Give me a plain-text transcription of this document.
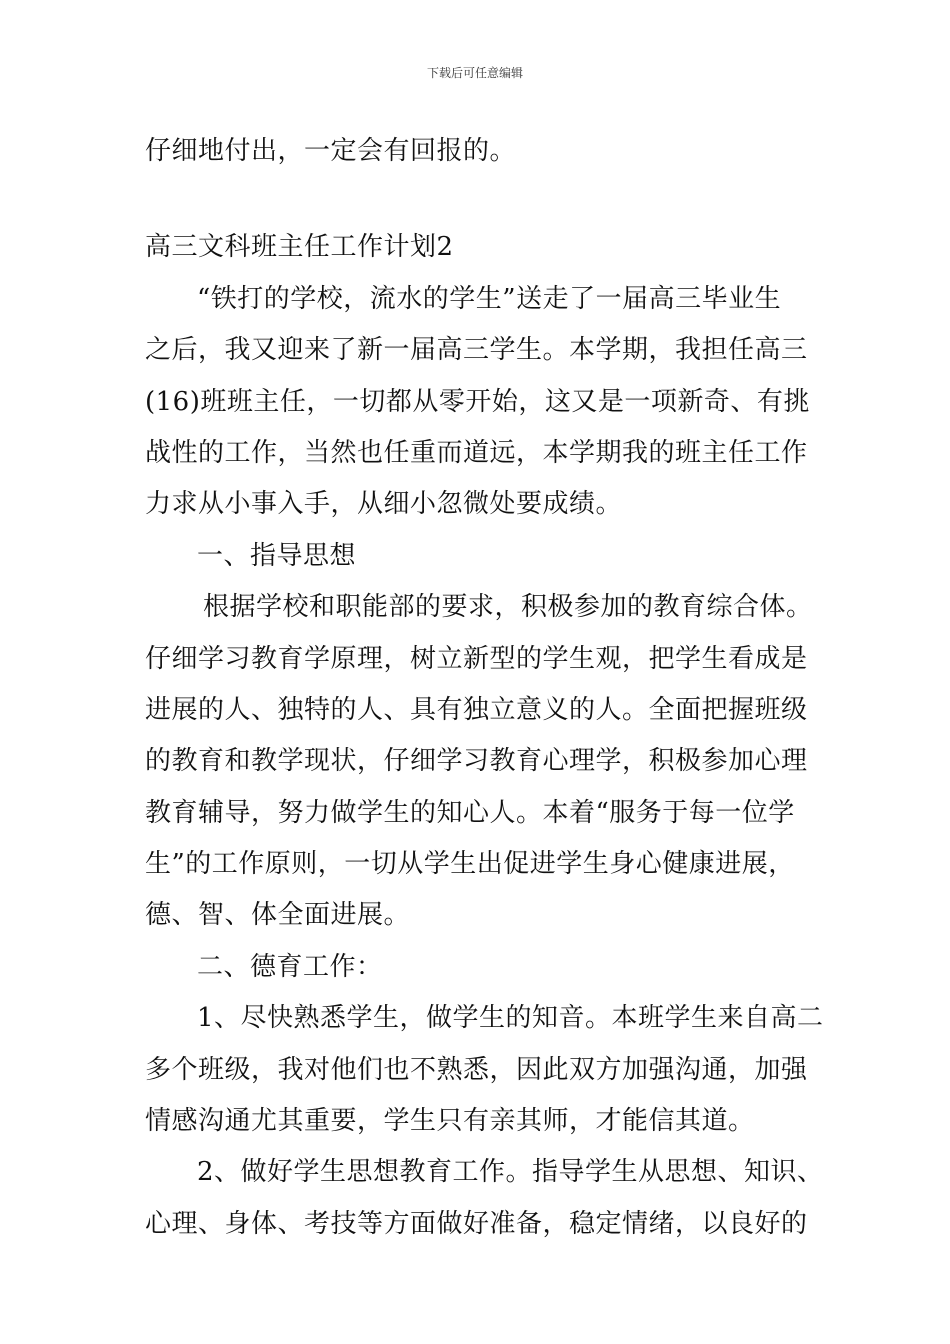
下载后可任意编辑
仔细地付出，一定会有回报的。
高三文科班主任工作计划2
“铁打的学校，流水的学生”送走了一届高三毕业生
之后，我又迎来了新一届高三学生。本学期，我担任高三
(16)班班主任，一切都从零开始，这又是一项新奇、有挑
战性的工作，当然也任重而道远，本学期我的班主任工作
力求从小事入手，从细小忽微处要成绩。
一、指导思想
根据学校和职能部的要求，积极参加的教育综合体。
仔细学习教育学原理，树立新型的学生观，把学生看成是
进展的人、独特的人、具有独立意义的人。全面把握班级
的教育和教学现状，仔细学习教育心理学，积极参加心理
教育辅导，努力做学生的知心人。本着“服务于每一位学
生”的工作原则，一切从学生出促进学生身心健康进展，
德、智、体全面进展。
二、德育工作：
1、尽快熟悉学生，做学生的知音。本班学生来自高二
多个班级，我对他们也不熟悉，因此双方加强沟通，加强
情感沟通尤其重要，学生只有亲其师，才能信其道。
2、做好学生思想教育工作。指导学生从思想、知识、
心理、身体、考技等方面做好准备，稳定情绪，以良好的
